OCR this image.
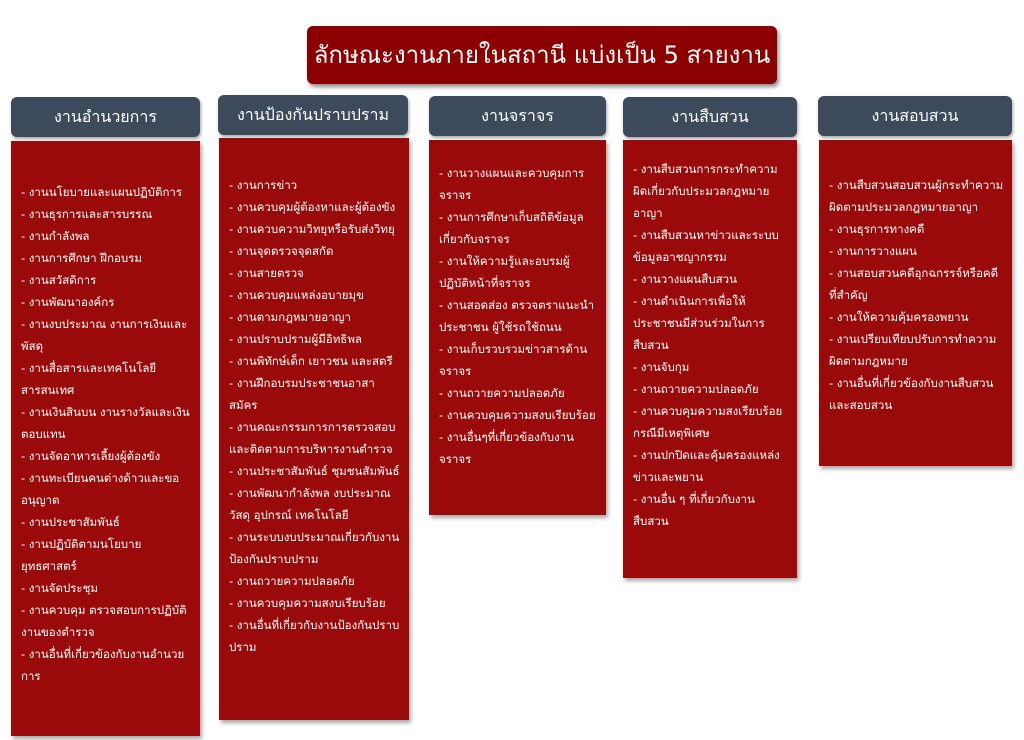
ลักษณะงานภายในสถานี แบ่งเป็น 5 สายงาน
งานอำนวยการ
- งานนโยบายและแผนปฏิบัติการ
- งานธุรการและสารบรรณ
- งานกำลังพล
- งานการศึกษา ฝึกอบรม
- งานสวัสดิการ
- งานพัฒนาองค์กร
- งานงบประมาณ งานการเงินและพัสดุ
- งานสื่อสารและเทคโนโลยีสารสนเทศ
- งานเงินสินบน งานรางวัลและเงินตอบแทน
- งานจัดอาหารเลี้ยงผู้ต้องขัง
- งานทะเบียนคนต่างด้าวและขออนุญาต
- งานประชาสัมพันธ์
- งานปฏิบัติตามนโยบายยุทธศาสตร์
- งานจัดประชุม
- งานควบคุม ตรวจสอบการปฏิบัติงานของตำรวจ
- งานอื่นที่เกี่ยวข้องกับงานอำนวยการ
งานป้องกันปราบปราม
- งานการข่าว
- งานควบคุมผู้ต้องหาและผู้ต้องขัง
- งานควบความวิทยุหรือรับส่งวิทยุ
- งานจุดตรวจจุดสกัด
- งานสายตรวจ
- งานควบคุมแหล่งอบายมุข
- งานตามกฎหมายอาญา
- งานปราบปรามผู้มีอิทธิพล
- งานพิทักษ์เด็ก เยาวชน และสตรี
- งานฝึกอบรมประชาชนอาสาสมัคร
- งานคณะกรรมการการตรวจสอบและติดตามการบริหารงานตำรวจ
- งานประชาสัมพันธ์ ชุมชนสัมพันธ์
- งานพัฒนากำลังพล งบประมาณ วัสดุ อุปกรณ์ เทคโนโลยี
- งานระบบงบประมาณเกี่ยวกับงานป้องกันปราบปราม
- งานถวายความปลอดภัย
- งานควบคุมความสงบเรียบร้อย
- งานอื่นที่เกี่ยวกับงานป้องกันปราบปราม
งานจราจร
- งานวางแผนและควบคุมการจราจร
- งานการศึกษาเก็บสถิติข้อมูลเกี่ยวกับจราจร
- งานให้ความรู้และอบรมผู้ปฏิบัติหน้าที่จราจร
- งานสอดส่อง ตรวจตราแนะนำประชาชน ผู้ใช้รถใช้ถนน
- งานเก็บรวบรวมข่าวสารด้านจราจร
- งานถวายความปลอดภัย
- งานควบคุมความสงบเรียบร้อย
- งานอื่นๆที่เกี่ยวข้องกับงานจราจร
งานสืบสวน
- งานสืบสวนการกระทำความผิดเกี่ยวกับประมวลกฎหมายอาญา
- งานสืบสวนหาข่าวและระบบข้อมูลอาชญากรรม
- งานวางแผนสืบสวน
- งานดำเนินการเพื่อให้ประชาชนมีส่วนร่วมในการสืบสวน
- งานจับกุม
- งานถวายความปลอดภัย
- งานควบคุมความสงเรียบร้อยกรณีมีเหตุพิเศษ
- งานปกปิดและคุ้มครองแหล่งข่าวและพยาน
- งานอื่น ๆ ที่เกี่ยวกับงานสืบสวน
งานสอบสวน
- งานสืบสวนสอบสวนผู้กระทำความผิดตามประมวลกฎหมายอาญา
- งานธุรการทางคดี
- งานการวางแผน
- งานสอบสวนคดีอุกฉกรรจ์หรือคดีที่สำคัญ
- งานให้ความคุ้มครองพยาน
- งานเปรียบเทียบปรับการทำความผิดตามกฎหมาย
- งานอื่นที่เกี่ยวข้องกับงานสืบสวนและสอบสวน
